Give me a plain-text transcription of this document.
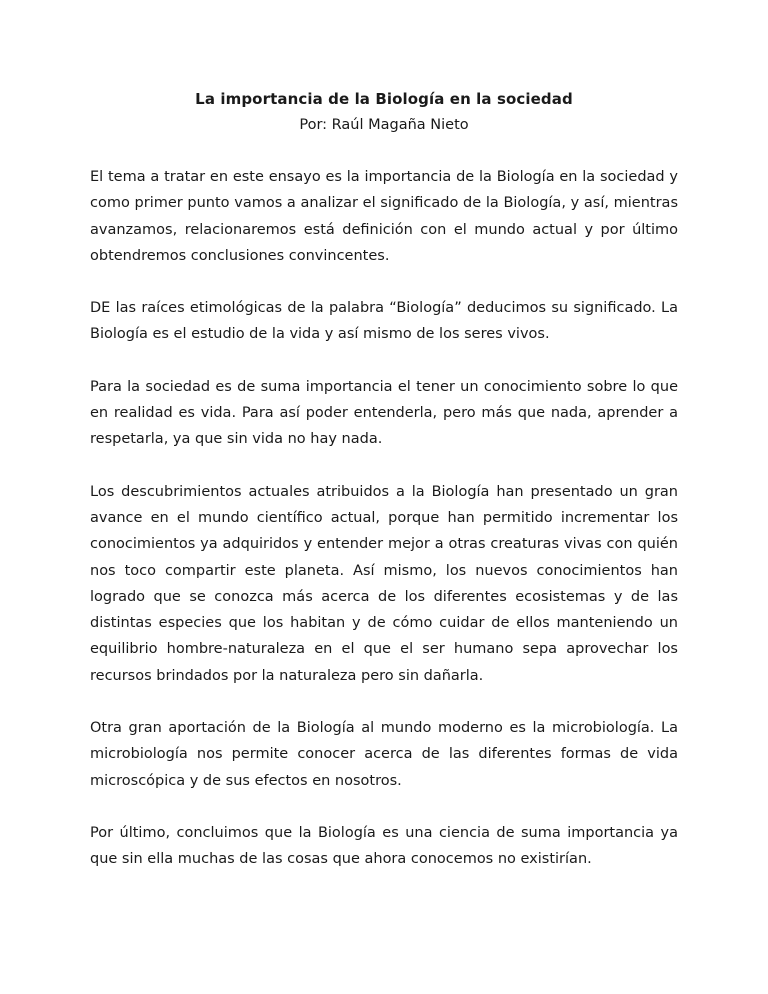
La importancia de la Biología en la sociedad

Por: Raúl Magaña Nieto

El tema a tratar en este ensayo es la importancia de la Biología en la sociedad y como primer punto vamos a analizar el significado de la Biología, y así, mientras avanzamos, relacionaremos está definición con el mundo actual y por último obtendremos conclusiones convincentes.

DE las raíces etimológicas de la palabra “Biología” deducimos su significado. La Biología es el estudio de la vida y así mismo de los seres vivos.

Para la sociedad es de suma importancia el tener un conocimiento sobre lo que en realidad es vida. Para así poder entenderla, pero más que nada, aprender a respetarla, ya que sin vida no hay nada.

Los descubrimientos actuales atribuidos a la Biología han presentado un gran avance en el mundo científico actual, porque han permitido incrementar los conocimientos ya adquiridos y entender mejor a otras creaturas vivas con quién nos toco compartir este planeta. Así mismo, los nuevos conocimientos han logrado que se conozca más acerca de los diferentes ecosistemas y de las distintas especies que los habitan y de cómo cuidar de ellos manteniendo un equilibrio hombre-naturaleza en el que el ser humano sepa aprovechar los recursos brindados por la naturaleza pero sin dañarla.

Otra gran aportación de la Biología al mundo moderno es la microbiología. La microbiología nos permite conocer acerca de las diferentes formas de vida microscópica y de sus efectos en nosotros.

Por último, concluimos que la Biología es una ciencia de suma importancia ya que sin ella muchas de las cosas que ahora conocemos no existirían.
